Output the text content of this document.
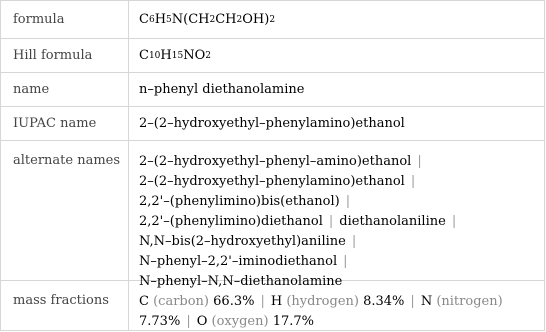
formula	C 6 H 5 N(CH 2 CH 2 OH) 2
Hill formula	C 10 H 15 NO 2
name	n–phenyl diethanolamine
IUPAC name	2–(2–hydroxyethyl–phenylamino)ethanol
alternate names	2–(2–hydroxyethyl–phenyl–amino)ethanol |
2–(2–hydroxyethyl–phenylamino)ethanol |
2,2'–(phenylimino)bis(ethanol) |
2,2'–(phenylimino)diethanol | diethanolaniline |
N,N–bis(2–hydroxyethyl)aniline |
N–phenyl–2,2'–iminodiethanol |
N–phenyl–N,N–diethanolamine
mass fractions	C (carbon) 66.3% | H (hydrogen) 8.34% | N (nitrogen)
7.73% | O (oxygen) 17.7%
